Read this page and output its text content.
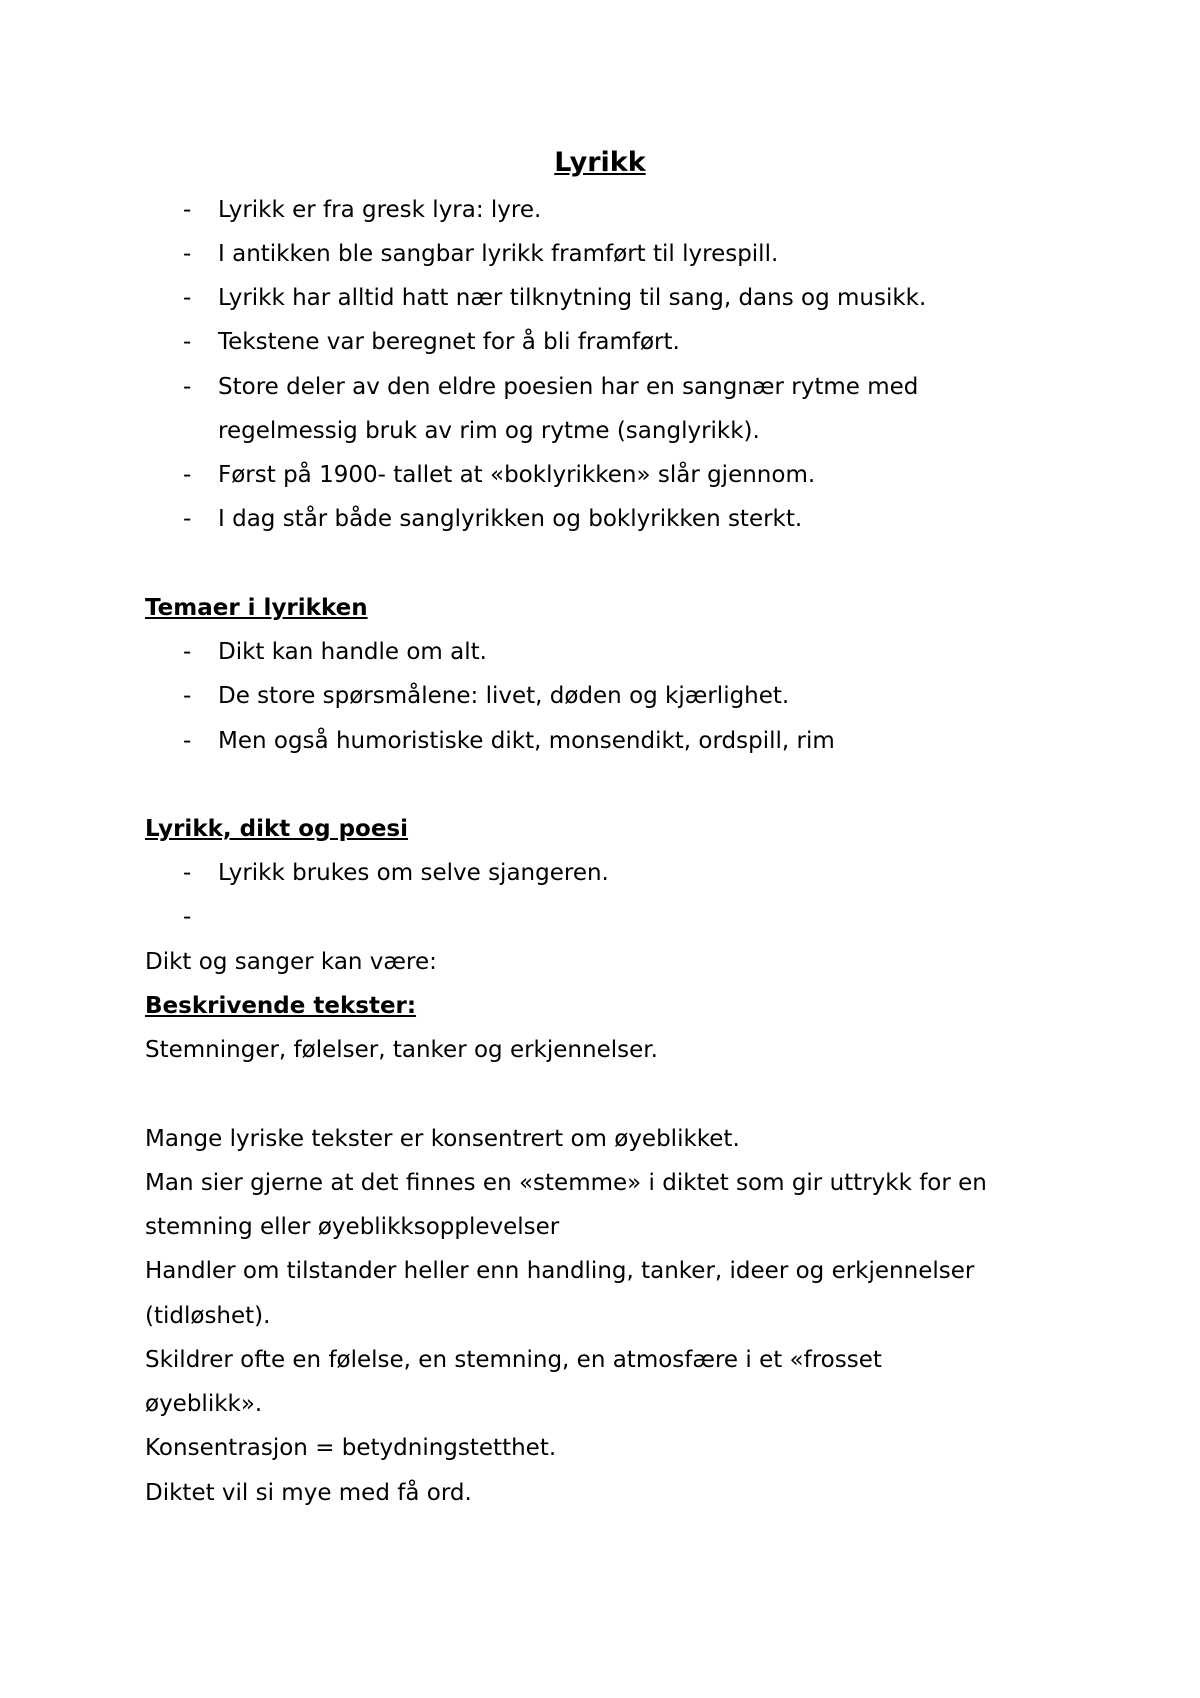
Lyrikk
- Lyrikk er fra gresk lyra: lyre.
- I antikken ble sangbar lyrikk framført til lyrespill.
- Lyrikk har alltid hatt nær tilknytning til sang, dans og musikk.
- Tekstene var beregnet for å bli framført.
- Store deler av den eldre poesien har en sangnær rytme med
regelmessig bruk av rim og rytme (sanglyrikk).
- Først på 1900- tallet at «boklyrikken» slår gjennom.
- I dag står både sanglyrikken og boklyrikken sterkt.
Temaer i lyrikken
- Dikt kan handle om alt.
- De store spørsmålene: livet, døden og kjærlighet.
- Men også humoristiske dikt, monsendikt, ordspill, rim
Lyrikk, dikt og poesi
- Lyrikk brukes om selve sjangeren.
-
Dikt og sanger kan være:
Beskrivende tekster:
Stemninger, følelser, tanker og erkjennelser.
Mange lyriske tekster er konsentrert om øyeblikket.
Man sier gjerne at det finnes en «stemme» i diktet som gir uttrykk for en
stemning eller øyeblikksopplevelser
Handler om tilstander heller enn handling, tanker, ideer og erkjennelser
(tidløshet).
Skildrer ofte en følelse, en stemning, en atmosfære i et «frosset
øyeblikk».
Konsentrasjon = betydningstetthet.
Diktet vil si mye med få ord.
